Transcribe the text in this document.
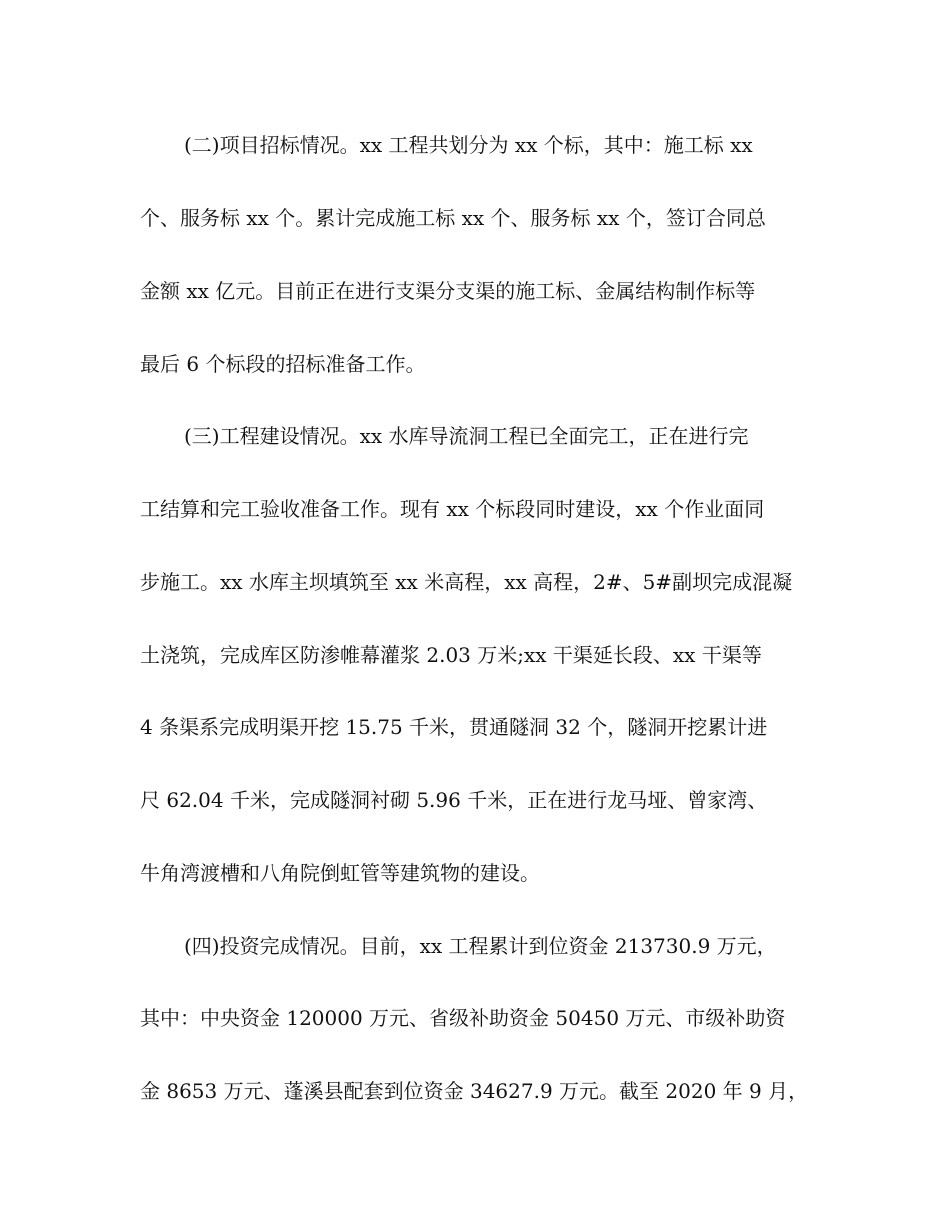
(二)项目招标情况。xx 工程共划分为 xx 个标，其中：施工标 xx
个、服务标 xx 个。累计完成施工标 xx 个、服务标 xx 个，签订合同总
金额 xx 亿元。目前正在进行支渠分支渠的施工标、金属结构制作标等
最后 6 个标段的招标准备工作。
(三)工程建设情况。xx 水库导流洞工程已全面完工，正在进行完
工结算和完工验收准备工作。现有 xx 个标段同时建设，xx 个作业面同
步施工。xx 水库主坝填筑至 xx 米高程，xx 高程，2#、5#副坝完成混凝
土浇筑，完成库区防渗帷幕灌浆 2.03 万米;xx 干渠延长段、xx 干渠等
4 条渠系完成明渠开挖 15.75 千米，贯通隧洞 32 个，隧洞开挖累计进
尺 62.04 千米，完成隧洞衬砌 5.96 千米，正在进行龙马垭、曾家湾、
牛角湾渡槽和八角院倒虹管等建筑物的建设。
(四)投资完成情况。目前，xx 工程累计到位资金 213730.9 万元，
其中：中央资金 120000 万元、省级补助资金 50450 万元、市级补助资
金 8653 万元、蓬溪县配套到位资金 34627.9 万元。截至 2020 年 9 月，
